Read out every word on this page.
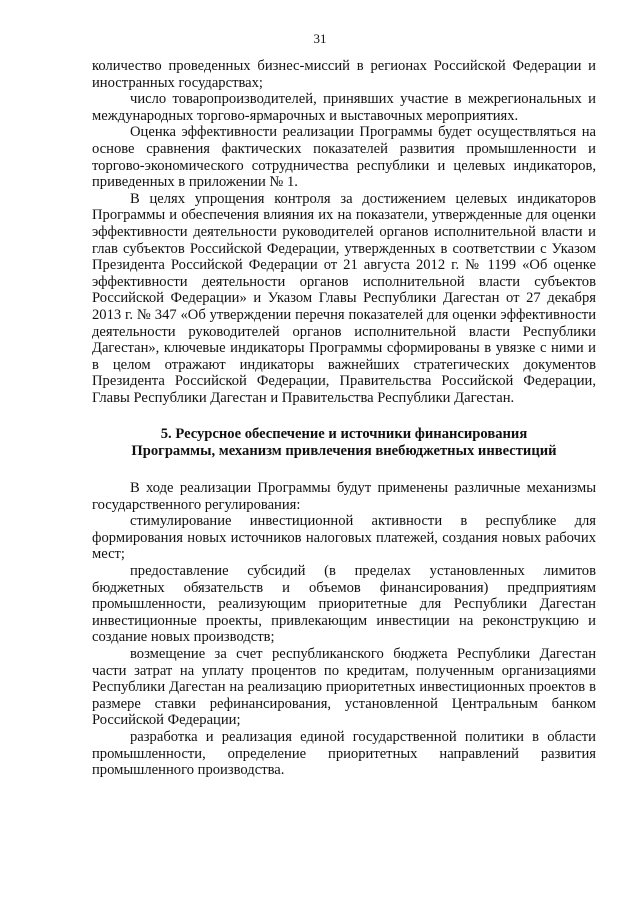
31

количество проведенных бизнес-миссий в регионах Российской Федерации и иностранных государствах;

число товаропроизводителей, принявших участие в межрегиональных и международных торгово-ярмарочных и выставочных мероприятиях.

Оценка эффективности реализации Программы будет осуществляться на основе сравнения фактических показателей развития промышленности и торгово-экономического сотрудничества республики и целевых индикаторов, приведенных в приложении № 1.

В целях упрощения контроля за достижением целевых индикаторов Программы и обеспечения влияния их на показатели, утвержденные для оценки эффективности деятельности руководителей органов исполнительной власти и глав субъектов Российской Федерации, утвержденных в соответствии с Указом Президента Российской Федерации от 21 августа 2012 г. № 1199 «Об оценке эффективности деятельности органов исполнительной власти субъектов Российской Федерации» и Указом Главы Республики Дагестан от 27 декабря 2013 г. № 347 «Об утверждении перечня показателей для оценки эффективности деятельности руководителей органов исполнительной власти Республики Дагестан», ключевые индикаторы Программы сформированы в увязке с ними и в целом отражают индикаторы важнейших стратегических документов Президента Российской Федерации, Правительства Российской Федерации, Главы Республики Дагестан и Правительства Республики Дагестан.

5. Ресурсное обеспечение и источники финансирования
Программы, механизм привлечения внебюджетных инвестиций

В ходе реализации Программы будут применены различные механизмы государственного регулирования:

стимулирование инвестиционной активности в республике для формирования новых источников налоговых платежей, создания новых рабочих мест;

предоставление субсидий (в пределах установленных лимитов бюджетных обязательств и объемов финансирования) предприятиям промышленности, реализующим приоритетные для Республики Дагестан инвестиционные проекты, привлекающим инвестиции на реконструкцию и создание новых производств;

возмещение за счет республиканского бюджета Республики Дагестан части затрат на уплату процентов по кредитам, полученным организациями Республики Дагестан на реализацию приоритетных инвестиционных проектов в размере ставки рефинансирования, установленной Центральным банком Российской Федерации;

разработка и реализация единой государственной политики в области промышленности, определение приоритетных направлений развития промышленного производства.
